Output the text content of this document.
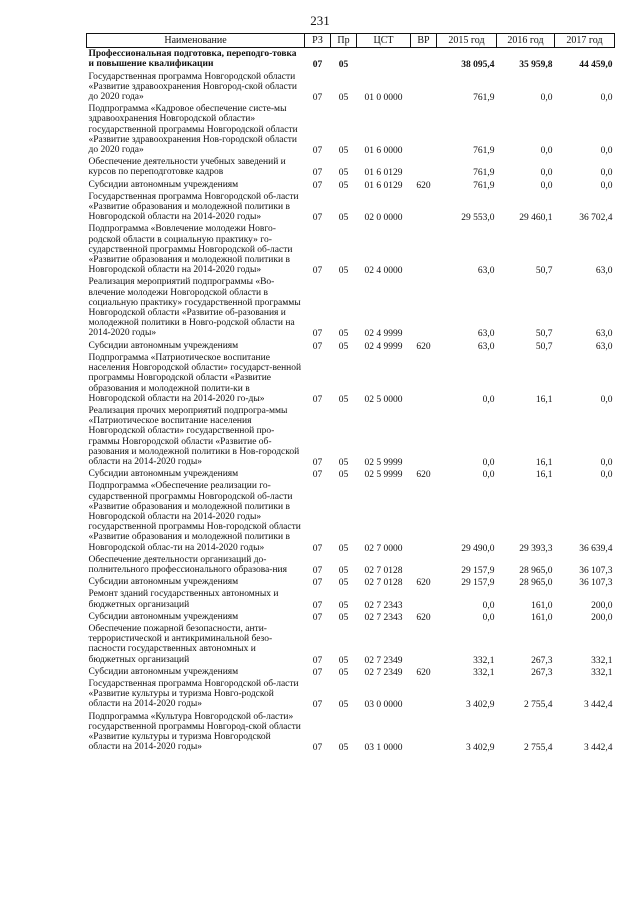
231
Наименование	РЗ	Пр	ЦСТ	ВР	2015 год	2016 год	2017 год
Профессиональная подготовка, переподго-товка и повышение квалификации	07	05			38 095,4	35 959,8	44 459,0
Государственная программа Новгородской области «Развитие здравоохранения Новгород-ской области до 2020 года»	07	05	01 0 0000		761,9	0,0	0,0
Подпрограмма «Кадровое обеспечение систе-мы здравоохранения Новгородской области» государственной программы Новгородской области «Развитие здравоохранения Нов-городской области до 2020 года»	07	05	01 6 0000		761,9	0,0	0,0
Обеспечение деятельности учебных заведений и курсов по переподготовке кадров	07	05	01 6 0129		761,9	0,0	0,0
Субсидии автономным учреждениям	07	05	01 6 0129	620	761,9	0,0	0,0
Государственная программа Новгородской об-ласти «Развитие образования и молодежной политики в Новгородской области на 2014-2020 годы»	07	05	02 0 0000		29 553,0	29 460,1	36 702,4
Подпрограмма «Вовлечение молодежи Новго-родской области в социальную практику» го-сударственной программы Новгородской об-ласти «Развитие образования и молодежной политики в Новгородской области на 2014-2020 годы»	07	05	02 4 0000		63,0	50,7	63,0
Реализация мероприятий подпрограммы «Во-влечение молодежи Новгородской области в социальную практику» государственной программы Новгородской области «Развитие об-разования и молодежной политики в Новго-родской области на 2014-2020 годы»	07	05	02 4 9999		63,0	50,7	63,0
Субсидии автономным учреждениям	07	05	02 4 9999	620	63,0	50,7	63,0
Подпрограмма «Патриотическое воспитание населения Новгородской области» государст-венной программы Новгородской области «Развитие образования и молодежной полити-ки в Новгородской области на 2014-2020 го-ды»	07	05	02 5 0000		0,0	16,1	0,0
Реализация прочих мероприятий подпрогра-ммы «Патриотическое воспитание населения Новгородской области» государственной про-граммы Новгородской области «Развитие об-разования и молодежной политики в Нов-городской области на 2014-2020 годы»	07	05	02 5 9999		0,0	16,1	0,0
Субсидии автономным учреждениям	07	05	02 5 9999	620	0,0	16,1	0,0
Подпрограмма «Обеспечение реализации го-сударственной программы Новгородской об-ласти «Развитие образования и молодежной политики в Новгородской области на 2014-2020 годы» государственной программы Нов-городской области «Развитие образования и молодежной политики в Новгородской облас-ти на 2014-2020 годы»	07	05	02 7 0000		29 490,0	29 393,3	36 639,4
Обеспечение деятельности организаций до-полнительного профессионального образова-ния	07	05	02 7 0128		29 157,9	28 965,0	36 107,3
Субсидии автономным учреждениям	07	05	02 7 0128	620	29 157,9	28 965,0	36 107,3
Ремонт зданий государственных автономных и бюджетных организаций	07	05	02 7 2343		0,0	161,0	200,0
Субсидии автономным учреждениям	07	05	02 7 2343	620	0,0	161,0	200,0
Обеспечение пожарной безопасности, анти-террористической и антикриминальной безо-пасности государственных автономных и бюджетных организаций	07	05	02 7 2349		332,1	267,3	332,1
Субсидии автономным учреждениям	07	05	02 7 2349	620	332,1	267,3	332,1
Государственная программа Новгородской об-ласти «Развитие культуры и туризма Новго-родской области на 2014-2020 годы»	07	05	03 0 0000		3 402,9	2 755,4	3 442,4
Подпрограмма «Культура Новгородской об-ласти» государственной программы Новгород-ской области «Развитие культуры и туризма Новгородской области на 2014-2020 годы»	07	05	03 1 0000		3 402,9	2 755,4	3 442,4
